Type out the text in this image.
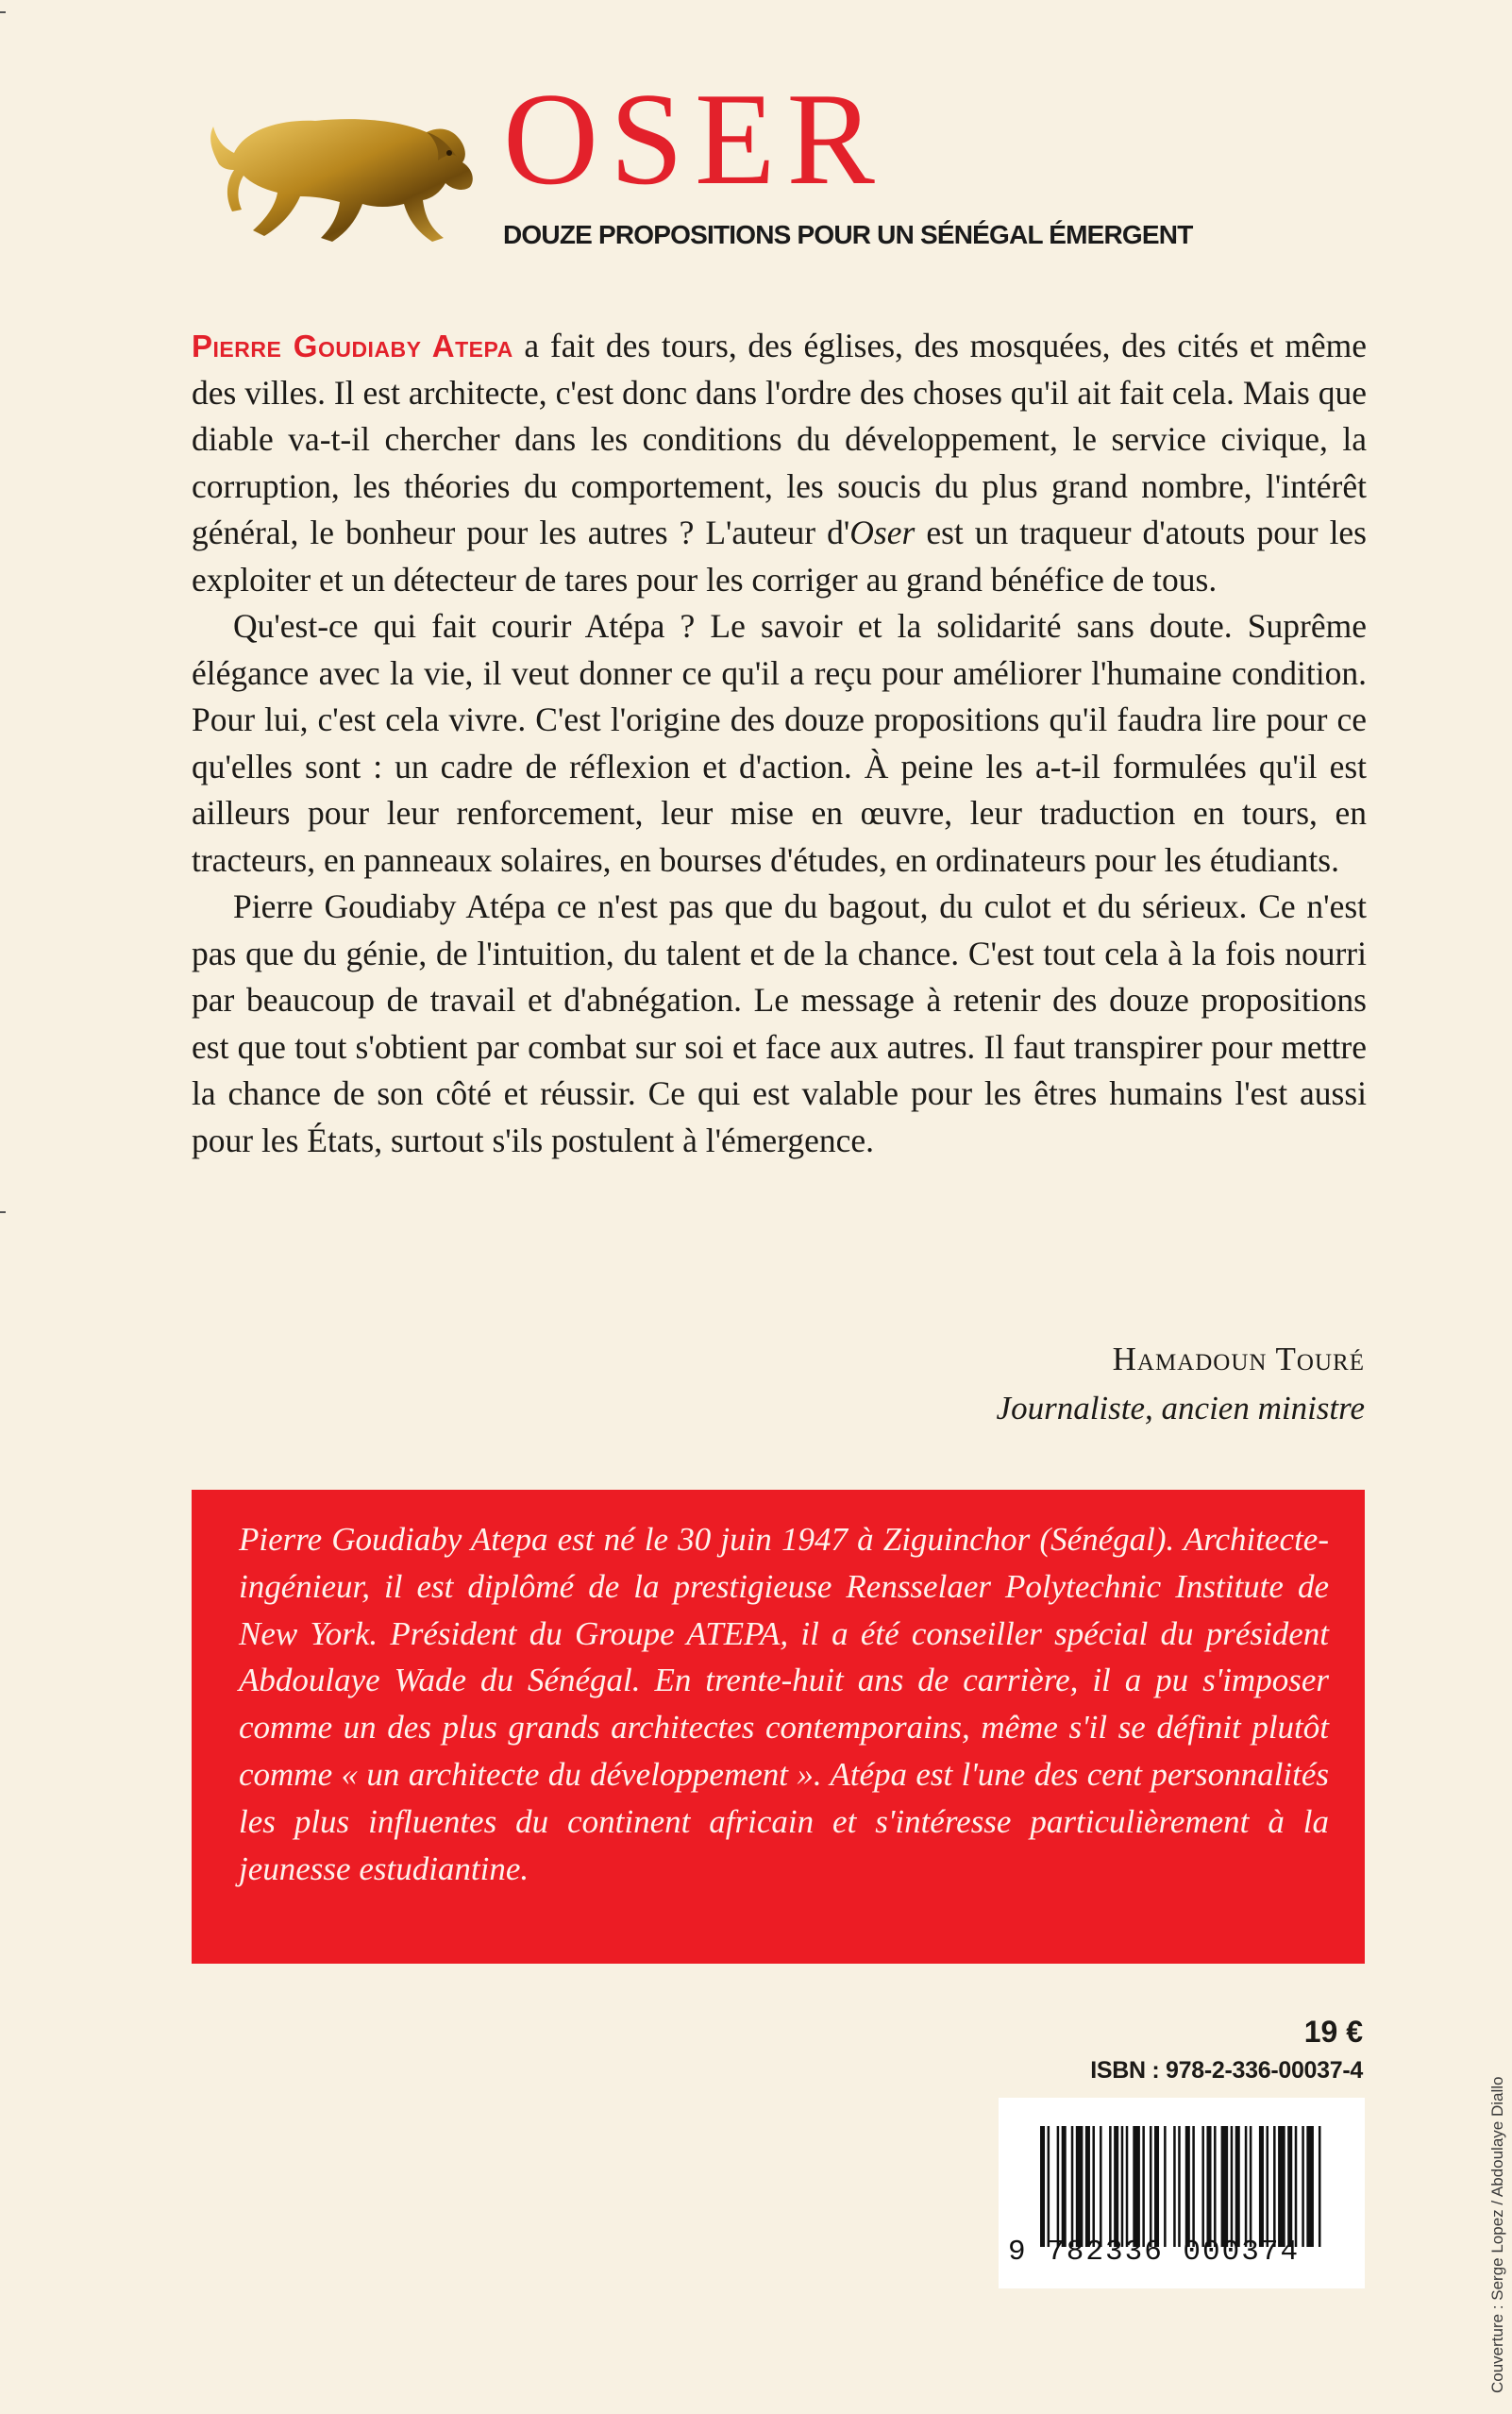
OSER
DOUZE PROPOSITIONS POUR UN SÉNÉGAL ÉMERGENT

Pierre Goudiaby Atepa a fait des tours, des églises, des mosquées, des cités et même des villes. Il est architecte, c'est donc dans l'ordre des choses qu'il ait fait cela. Mais que diable va-t-il chercher dans les conditions du développement, le service civique, la corruption, les théories du comportement, les soucis du plus grand nombre, l'intérêt général, le bonheur pour les autres ? L'auteur d'Oser est un traqueur d'atouts pour les exploiter et un détecteur de tares pour les corriger au grand bénéfice de tous.

Qu'est-ce qui fait courir Atépa ? Le savoir et la solidarité sans doute. Suprême élégance avec la vie, il veut donner ce qu'il a reçu pour améliorer l'humaine condition. Pour lui, c'est cela vivre. C'est l'origine des douze propositions qu'il faudra lire pour ce qu'elles sont : un cadre de réflexion et d'action. À peine les a-t-il formulées qu'il est ailleurs pour leur renforcement, leur mise en œuvre, leur traduction en tours, en tracteurs, en panneaux solaires, en bourses d'études, en ordinateurs pour les étudiants.

Pierre Goudiaby Atépa ce n'est pas que du bagout, du culot et du sérieux. Ce n'est pas que du génie, de l'intuition, du talent et de la chance. C'est tout cela à la fois nourri par beaucoup de travail et d'abnégation. Le message à retenir des douze propositions est que tout s'obtient par combat sur soi et face aux autres. Il faut transpirer pour mettre la chance de son côté et réussir. Ce qui est valable pour les êtres humains l'est aussi pour les États, surtout s'ils postulent à l'émergence.

Hamadoun Touré
Journaliste, ancien ministre

Pierre Goudiaby Atepa est né le 30 juin 1947 à Ziguinchor (Sénégal). Architecte-ingénieur, il est diplômé de la prestigieuse Rensselaer Polytechnic Institute de New York. Président du Groupe ATEPA, il a été conseiller spécial du président Abdoulaye Wade du Sénégal. En trente-huit ans de carrière, il a pu s'imposer comme un des plus grands architectes contemporains, même s'il se définit plutôt comme « un architecte du développement ». Atépa est l'une des cent personnalités les plus influentes du continent africain et s'intéresse particulièrement à la jeunesse estudiantine.

19 €
ISBN : 978-2-336-00037-4
9 782336 000374	Couverture : Serge Lopez / Abdoulaye Diallo
